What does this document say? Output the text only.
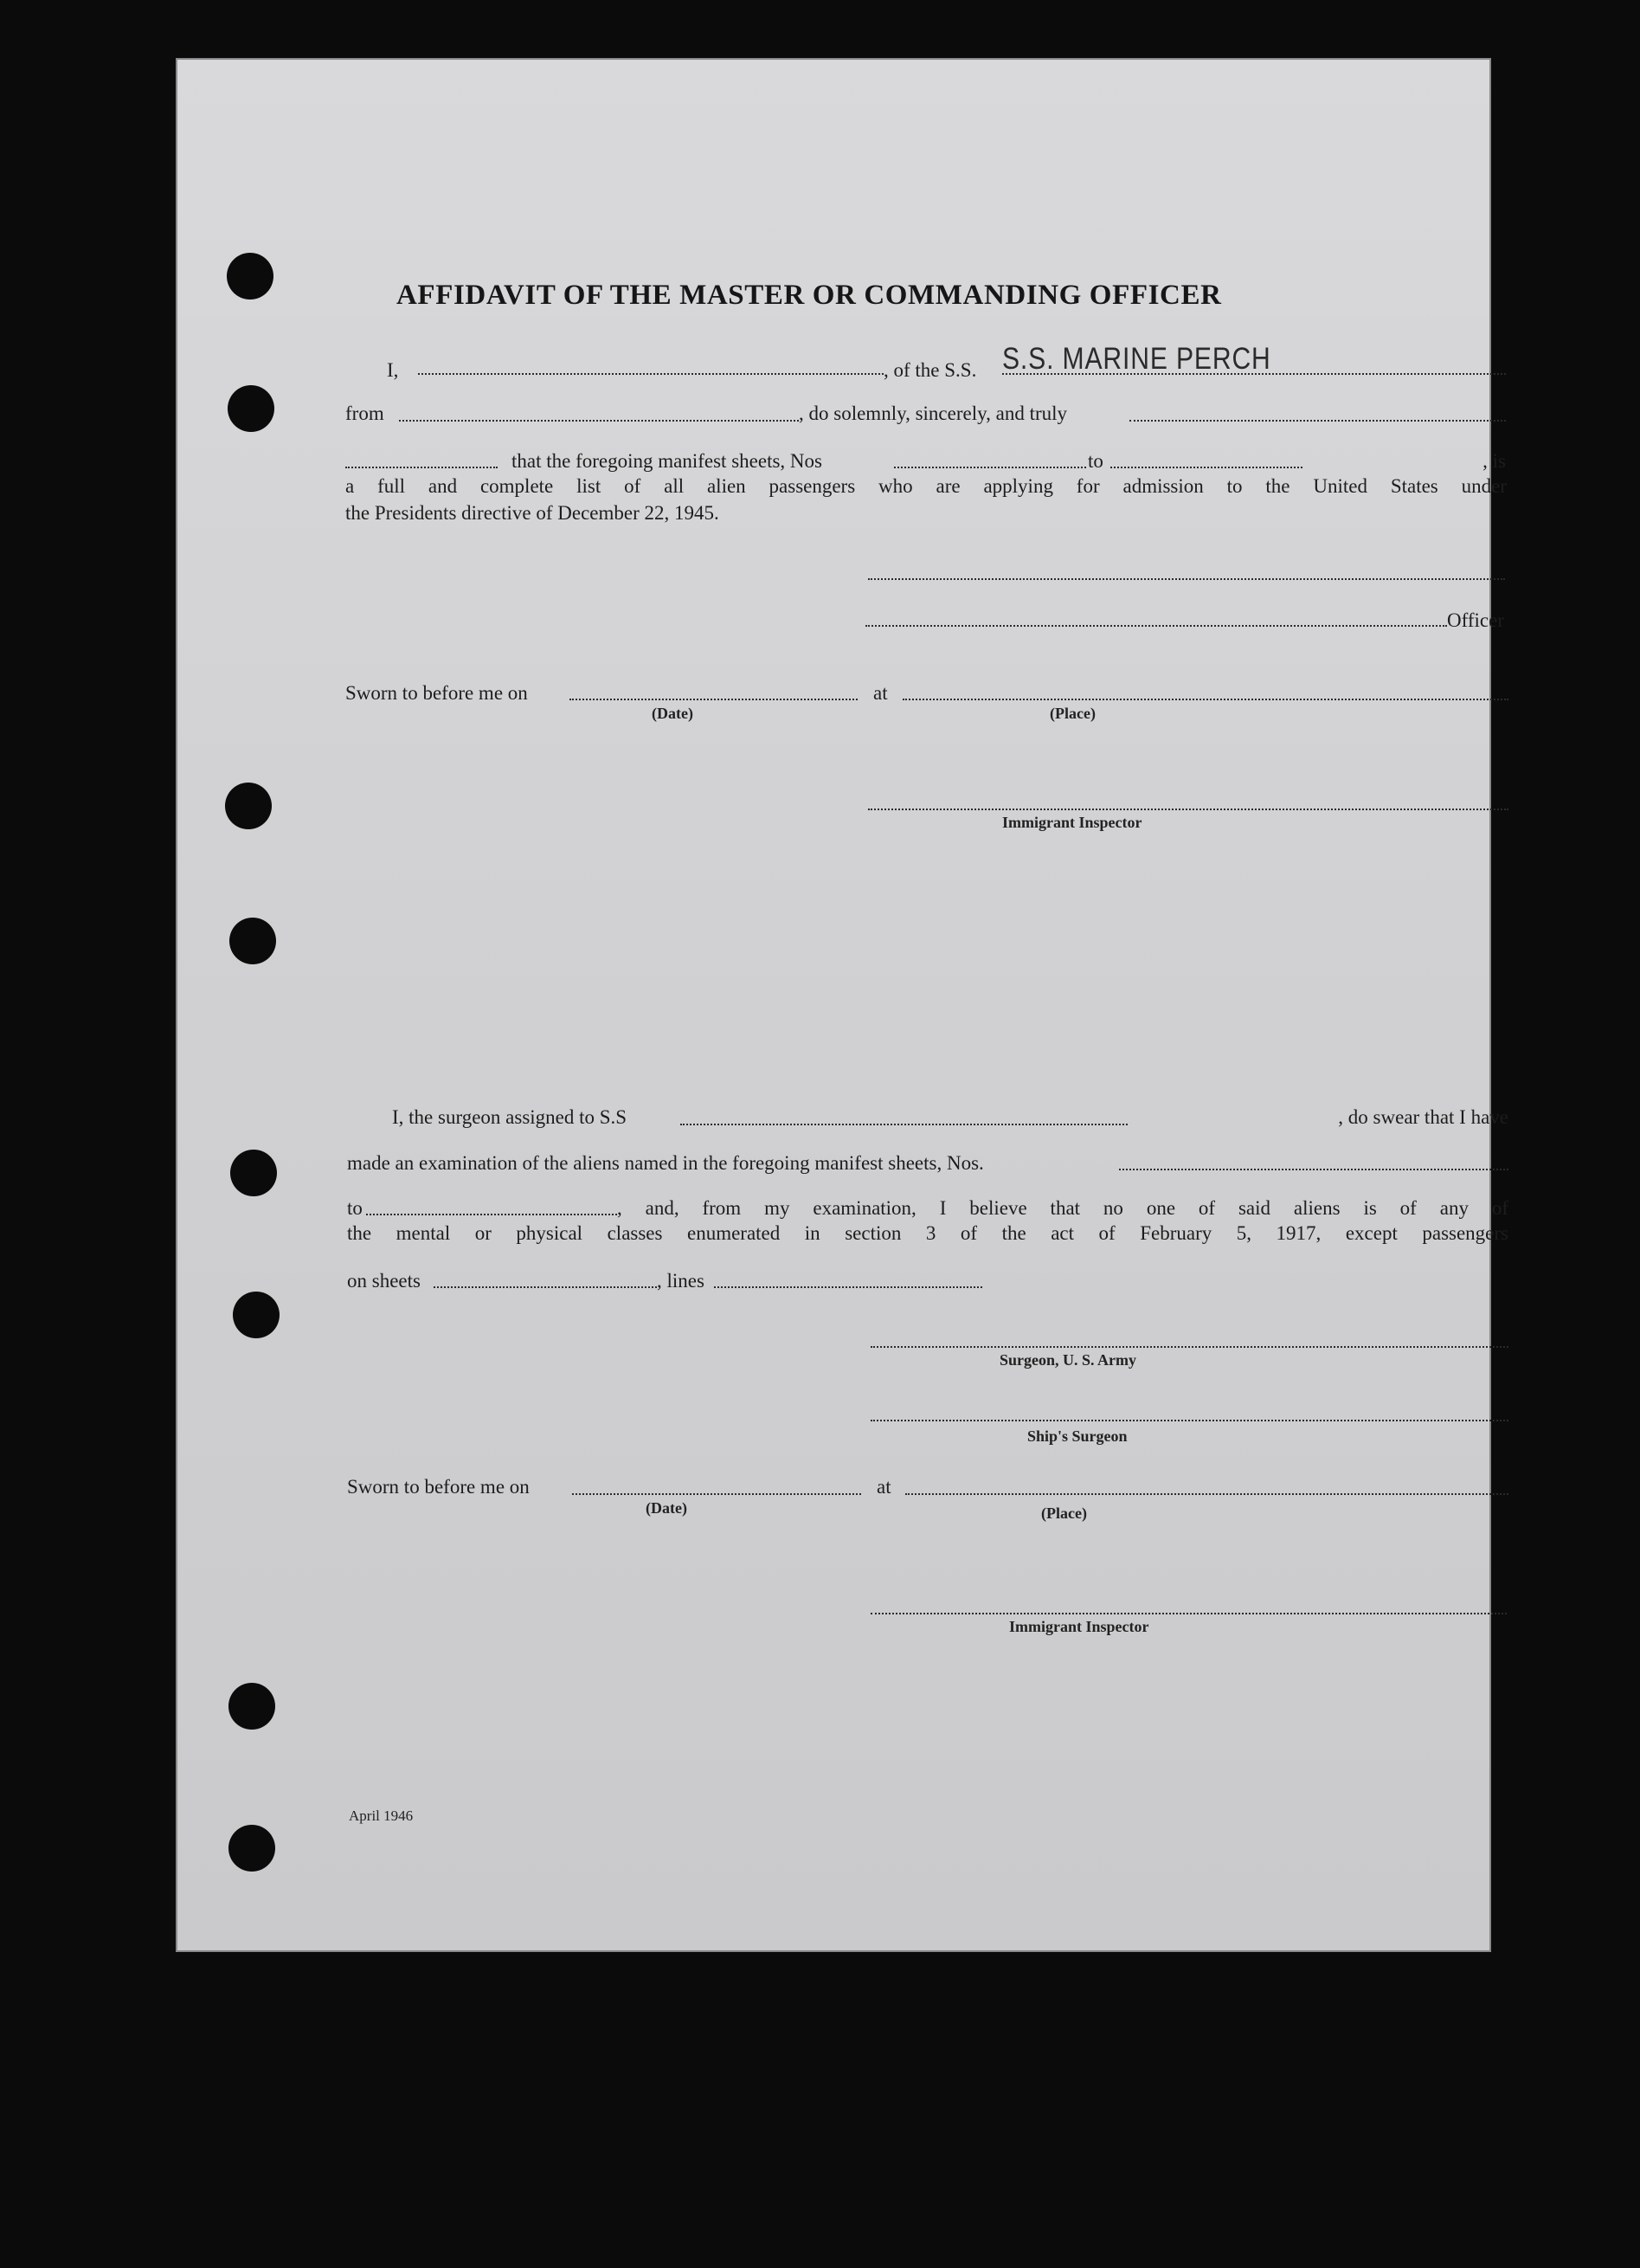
AFFIDAVIT OF THE MASTER OR COMMANDING OFFICER
I,	, of the S.S. S.S. MARINE PERCH
from	, do solemnly, sincerely, and truly
that the foregoing manifest sheets, Nos	to	, is
a full and complete list of all alien passengers who are applying for admission to the United States under
the Presidents directive of December 22, 1945.
Officer
Sworn to before me on	at
(Date)	(Place)
Immigrant Inspector
I, the surgeon assigned to S.S	, do swear that I have
made an examination of the aliens named in the foregoing manifest sheets, Nos.
to	, and, from my examination, I believe that no one of said aliens is of any of
the mental or physical classes enumerated in section 3 of the act of February 5, 1917, except passengers
on sheets	, lines
Surgeon, U. S. Army
Ship's Surgeon
Sworn to before me on	at
(Date)	(Place)
Immigrant Inspector
April 1946
